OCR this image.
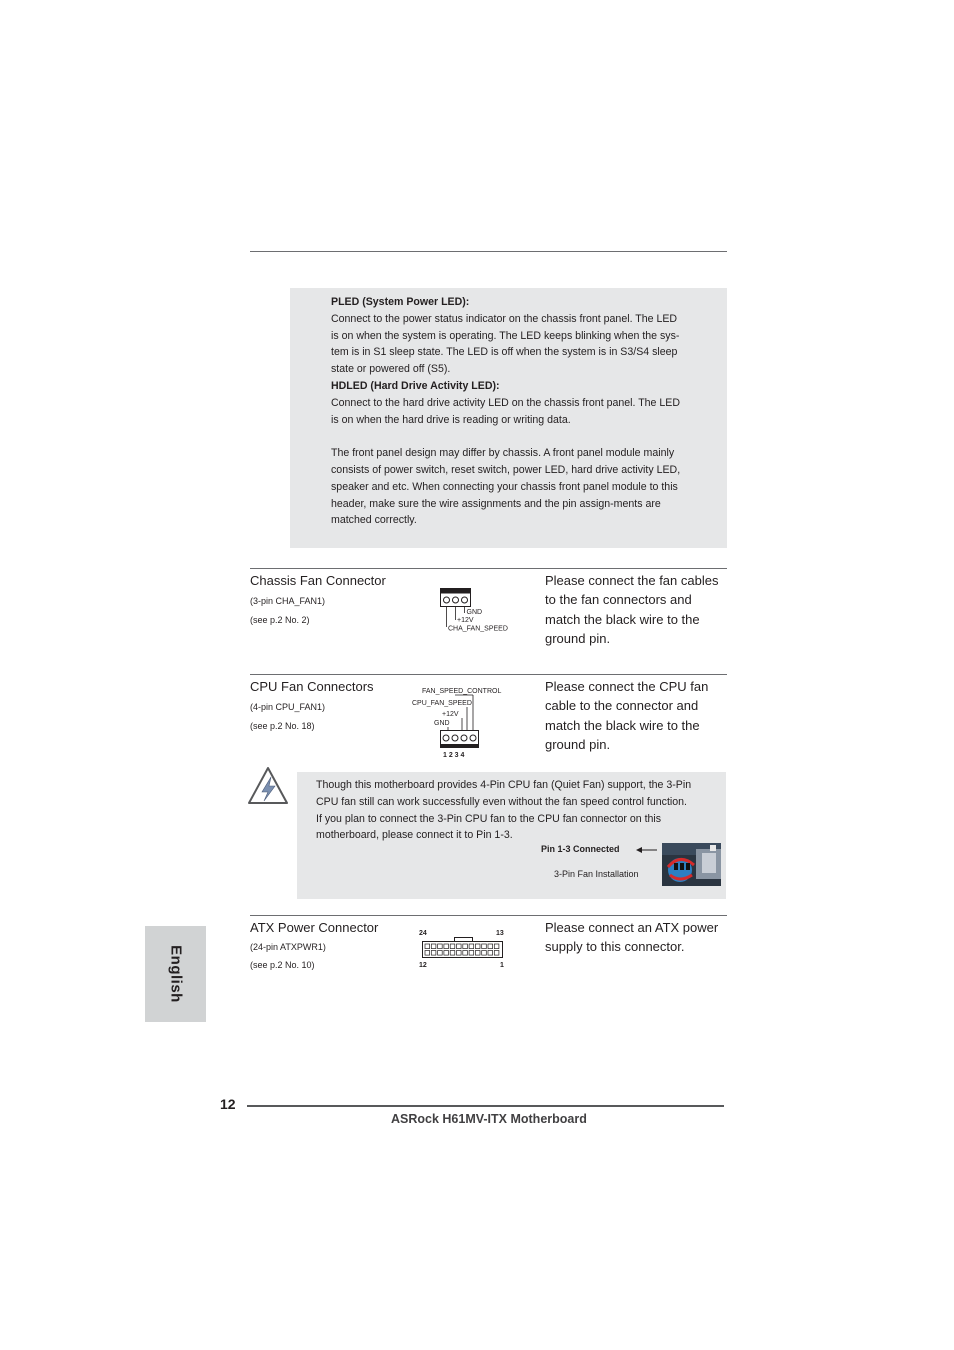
PLED (System Power LED):

Connect to the power status indicator on the chassis front panel. The LED

is on when the system is operating. The LED keeps blinking when the sys-

tem is in S1 sleep state. The LED is off when the system is in S3/S4 sleep

state or powered off (S5).

HDLED (Hard Drive Activity LED):

Connect to the hard drive activity LED on the chassis front panel. The LED

is on when the hard drive is reading or writing data.

The front panel design may differ by chassis. A front panel module mainly

consists of power switch, reset switch, power LED, hard drive activity LED,

speaker and etc. When connecting your chassis front panel module to this

header, make sure the wire assignments and the pin assign-ments are

matched correctly.

Chassis Fan Connector
(3-pin CHA_FAN1)
(see p.2 No. 2)
GND
+12V
CHA_FAN_SPEED
Please connect the fan cables
to the fan connectors and
match the black wire to the
ground pin.
CPU Fan Connectors
(4-pin CPU_FAN1)
(see p.2 No. 18)
FAN_SPEED_CONTROL
CPU_FAN_SPEED
+12V
GND
1 2 3 4
Please connect the CPU fan
cable to the connector and
match the black wire to the
ground pin.

Though this motherboard provides 4-Pin CPU fan (Quiet Fan) support, the 3-Pin

CPU fan still can work successfully even without the fan speed control function.

If you plan to connect the 3-Pin CPU fan to the CPU fan connector on this

motherboard, please connect it to Pin 1-3.

Pin 1-3 Connected
3-Pin Fan Installation
ATX Power Connector
(24-pin ATXPWR1)
(see p.2 No. 10)
24	13
12	1
Please connect an ATX power
supply to this connector.
English
12
ASRock H61MV-ITX Motherboard
